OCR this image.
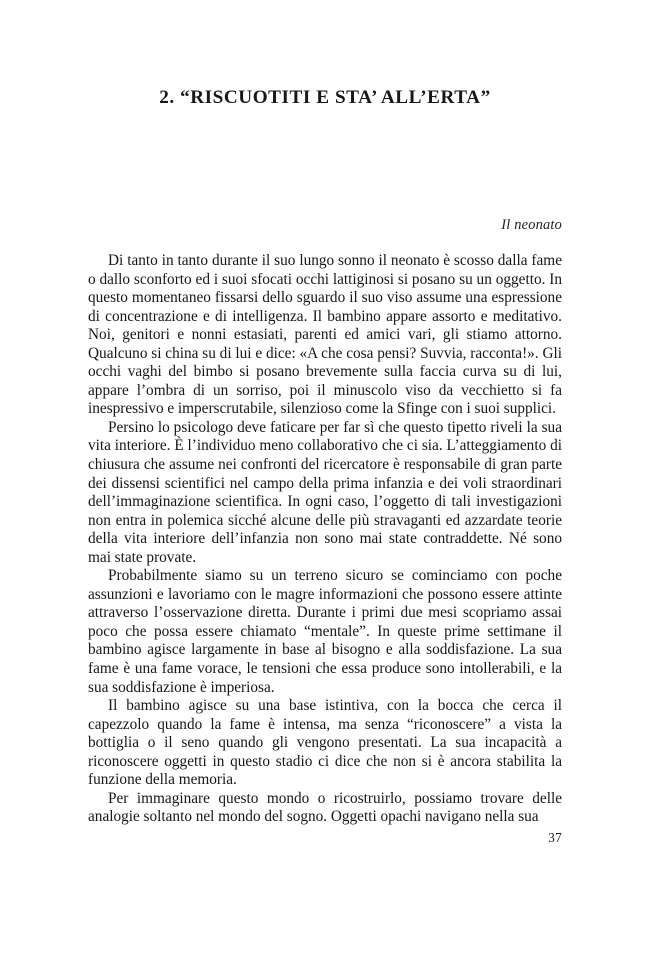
2. “RISCUOTITI E STA’ ALL’ERTA”
Il neonato

Di tanto in tanto durante il suo lungo sonno il neonato è scosso dalla fame o dallo sconforto ed i suoi sfocati occhi lattiginosi si posano su un oggetto. In questo momentaneo fissarsi dello sguardo il suo viso assume una espressione di concentrazione e di intelligenza. Il bambino appare assorto e meditativo. Noi, genitori e nonni estasiati, parenti ed amici vari, gli stiamo attorno. Qualcuno si china su di lui e dice: «A che cosa pensi? Suvvia, racconta!». Gli occhi vaghi del bimbo si posano brevemente sulla faccia curva su di lui, appare l’ombra di un sorriso, poi il minuscolo viso da vecchietto si fa inespressivo e imperscrutabile, silenzioso come la Sfinge con i suoi supplici.

Persino lo psicologo deve faticare per far sì che questo tipetto riveli la sua vita interiore. È l’individuo meno collaborativo che ci sia. L’atteggiamento di chiusura che assume nei confronti del ricercatore è responsabile di gran parte dei dissensi scientifici nel campo della prima infanzia e dei voli straordinari dell’immaginazione scientifica. In ogni caso, l’oggetto di tali investigazioni non entra in polemica sicché alcune delle più stravaganti ed azzardate teorie della vita interiore dell’infanzia non sono mai state contraddette. Né sono mai state provate.

Probabilmente siamo su un terreno sicuro se cominciamo con poche assunzioni e lavoriamo con le magre informazioni che possono essere attinte attraverso l’osservazione diretta. Durante i primi due mesi scopriamo assai poco che possa essere chiamato “mentale”. In queste prime settimane il bambino agisce largamente in base al bisogno e alla soddisfazione. La sua fame è una fame vorace, le tensioni che essa produce sono intollerabili, e la sua soddisfazione è imperiosa.

Il bambino agisce su una base istintiva, con la bocca che cerca il capezzolo quando la fame è intensa, ma senza “riconoscere” a vista la bottiglia o il seno quando gli vengono presentati. La sua incapacità a riconoscere oggetti in questo stadio ci dice che non si è ancora stabilita la funzione della memoria.

Per immaginare questo mondo o ricostruirlo, possiamo trovare delle analogie soltanto nel mondo del sogno. Oggetti opachi navigano nella sua

37
